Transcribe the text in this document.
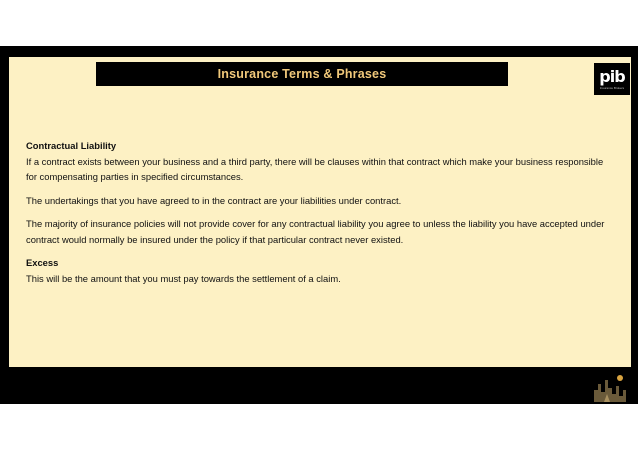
Insurance Terms & Phrases	pib
Insurance Brokers

Contractual Liability
If a contract exists between your business and a third party, there will be clauses within that contract which make your business responsible for compensating parties in specified circumstances.

The undertakings that you have agreed to in the contract are your liabilities under contract.

The majority of insurance policies will not provide cover for any contractual liability you agree to unless the liability you have accepted under contract would normally be insured under the policy if that particular contract never existed.

Excess
This will be the amount that you must pay towards the settlement of a claim.
